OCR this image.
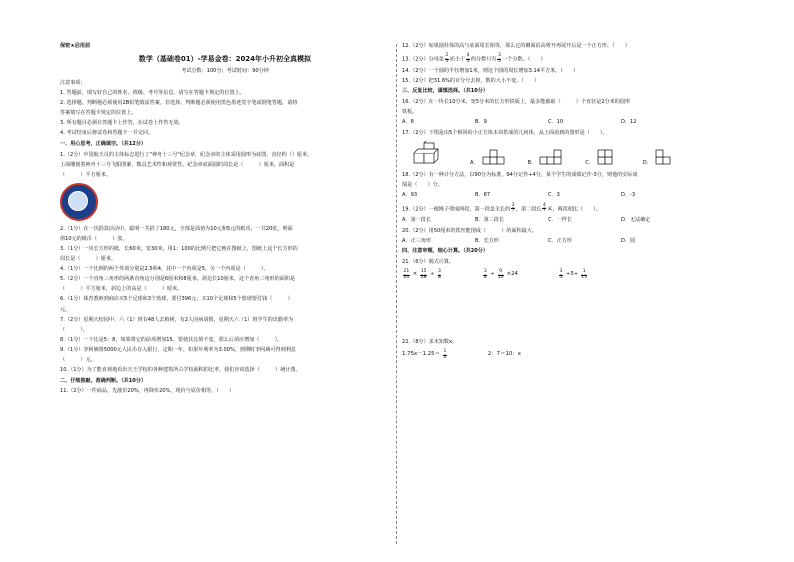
保密★启用前
数学（基础卷01）-学易金卷：2024年小升初全真模拟
考试分数：100分；考试时间：90分钟
注意事项：
1. 答题前，填写好自己的姓名、班级、考号等信息，请写在答题卡规定的位置上。
2. 选择题、判断题必须使用2B铅笔填涂答案，非选择、判断题必须使用黑色墨迹签字笔或钢笔答题，请将
答案填写在答题卡规定的位置上。
3. 所有题目必须在答题卡上作答，在试卷上作答无效。
4. 考试结束后将试卷和答题卡一并交回。
一、用心思考，正确填空。（共12分）
1.（2分）中国航天员的主体标志进行了"神舟十三号"纪念章，纪念章的主体采用圆形为底图，直径约（）厘米，
上面雕刻着神舟十三号飞船图案，镌具艺术性和观赏性。纪念章底面圆的周长是（　　　）厘米，面积是
（　　　）平方厘米。
2.（1分）在一次捐款活动中，聪明一共捐了180元，全部是面值为10元和5元的纸币，一共20张，则面
值10元的纸币（　　　）张。
3.（1分）一块长方形的纸，长60米，宽30米，用1：100的比例尺把它画在图纸上，图纸上这个长方形的
周长是（　　　）厘米。
4.（1分）一个比例的两个外项分别是2.5和4，其中一个内项是5，另一个内项是（　　　）。
5.（2分）一个直角三角形的两条直角边分别是6厘米和8厘米，斜边长10厘米，这个直角三角形的面积是
（　　　）平方厘米，斜边上的高是（　　　）厘米。
6.（1分）体育教师到商店买5个足球和3个篮球，要付396元；买10个足球和5个篮球要付钱（　　　）
元。
7.（2分）星期天校园中，六（1）班有48人去植树，有2人因病请假，星期天六（1）班学生的出勤率为
（　　　）。
8.（1分）一个比是5：8，如果将它的前项增加15，要使其比值不变，那么后项应增加（　　　）。
9.（1分）李阿姨将5000元人民币存入银行，定期一年，如果年利率为3.00%，到期时李阿姨可得到利息
（　　　）元。
10.（1分）为了能直观地看出天王学校的各种建筑所占学校面积的比率，我们应该选择（　　　）统计图。
二、仔细推敲，准确判断。（共10分）
11.（2分）一件商品，先涨价20%，再降价20%，现价与原价相等。（　　）
12.（2分）如果圆柱体的高与底面周长相等，那么它的侧面沿高剪开再展开后是一个正方形。（　　）
13.（2分）分母是 $\frac{2}{5}$ 而小于 $\frac{4}{5}$ 的分数只有 $\frac{3}{5}$ 一个分数。（　　）
14.（2分）一个圆的半径增加1米，则这个圆的周长增加3.14平方米。（　　）
15.（2分）把31.6%的百分号去掉，数的大小不变。（　　）
三、反复比较，谨慎选择。（共10分）
16.（2分）在一块长10分米，宽5分米的长方形铁板上，最多能截取（　　　）个直径是2分米的圆形
铁板。
A．8	B．9	C．10	D．12
17.（2分）下图是由5个相同的小正方体木块搭成的几何体，从上面看到的图形是（　　）。
A．	B．	C．	D．
18.（2分）有一种计分方法，以90分为标准，94分记作+4分，某个学生的成绩记作-3分，则他的实际成
绩是（　　）分。
A．93	B．87	C．3	D．-3
19.（2分）一根绳子剪成两段，第一段是全长的 $\frac{3}{7}$ ，第二段长 $\frac{4}{7}$ 米，两段相比（　　）。
A．第一段长	B．第二段长	C．一样长	D．无法确定
20.（2分）用50厘米的铁丝能围成（　　　）的面积最大。
A．正三角形	B．长方形	C．正方形	D．圆
四、注意审题，细心计算。（共20分）
21.（6分）脱式计算。
$\frac{21}{20} \times \frac{15}{28} \div \frac{3}{8}$	$\frac{3}{8} \div \frac{9}{10} \times 24$	$\frac{3}{5} \div 5\div \frac{1}{15}$
22.（8分）求未知数x。
$1.75x-1.25= \frac{1}{2}$	2：7＝10：x
